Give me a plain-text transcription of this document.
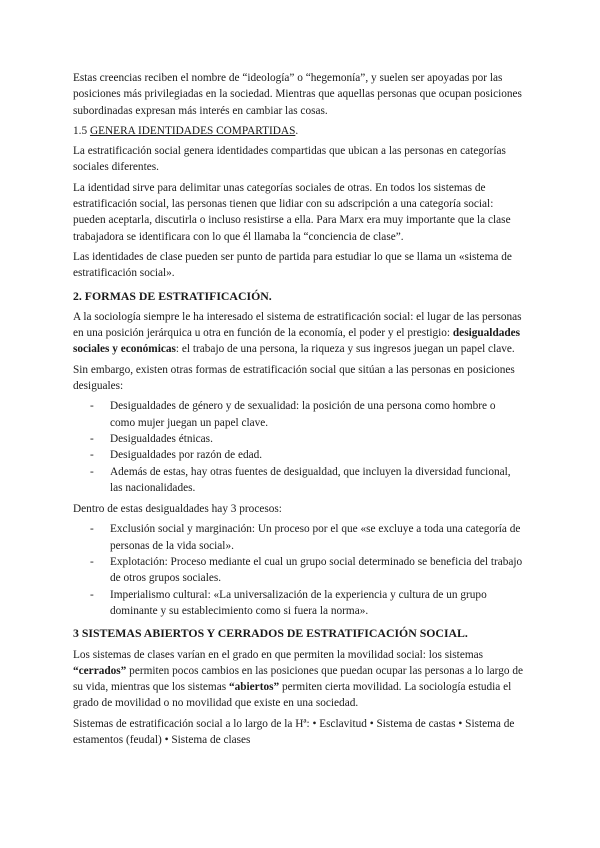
Estas creencias reciben el nombre de “ideología” o “hegemonía”, y suelen ser apoyadas por las posiciones más privilegiadas en la sociedad. Mientras que aquellas personas que ocupan posiciones subordinadas expresan más interés en cambiar las cosas.

1.5 GENERA IDENTIDADES COMPARTIDAS.

La estratificación social genera identidades compartidas que ubican a las personas en categorías sociales diferentes.

La identidad sirve para delimitar unas categorías sociales de otras. En todos los sistemas de estratificación social, las personas tienen que lidiar con su adscripción a una categoría social: pueden aceptarla, discutirla o incluso resistirse a ella. Para Marx era muy importante que la clase trabajadora se identificara con lo que él llamaba la “conciencia de clase”.

Las identidades de clase pueden ser punto de partida para estudiar lo que se llama un «sistema de estratificación social».

2. FORMAS DE ESTRATIFICACIÓN.

A la sociología siempre le ha interesado el sistema de estratificación social: el lugar de las personas en una posición jerárquica u otra en función de la economía, el poder y el prestigio: desigualdades sociales y económicas: el trabajo de una persona, la riqueza y sus ingresos juegan un papel clave.

Sin embargo, existen otras formas de estratificación social que sitúan a las personas en posiciones desiguales:

- Desigualdades de género y de sexualidad: la posición de una persona como hombre o como mujer juegan un papel clave.
- Desigualdades étnicas.
- Desigualdades por razón de edad.
- Además de estas, hay otras fuentes de desigualdad, que incluyen la diversidad funcional, las nacionalidades.

Dentro de estas desigualdades hay 3 procesos:

- Exclusión social y marginación: Un proceso por el que «se excluye a toda una categoría de personas de la vida social».
- Explotación: Proceso mediante el cual un grupo social determinado se beneficia del trabajo de otros grupos sociales.
- Imperialismo cultural: «La universalización de la experiencia y cultura de un grupo dominante y su establecimiento como si fuera la norma».

3 SISTEMAS ABIERTOS Y CERRADOS DE ESTRATIFICACIÓN SOCIAL.

Los sistemas de clases varían en el grado en que permiten la movilidad social: los sistemas “cerrados” permiten pocos cambios en las posiciones que puedan ocupar las personas a lo largo de su vida, mientras que los sistemas “abiertos” permiten cierta movilidad. La sociología estudia el grado de movilidad o no movilidad que existe en una sociedad.

Sistemas de estratificación social a lo largo de la Hª: • Esclavitud • Sistema de castas • Sistema de estamentos (feudal) • Sistema de clases
